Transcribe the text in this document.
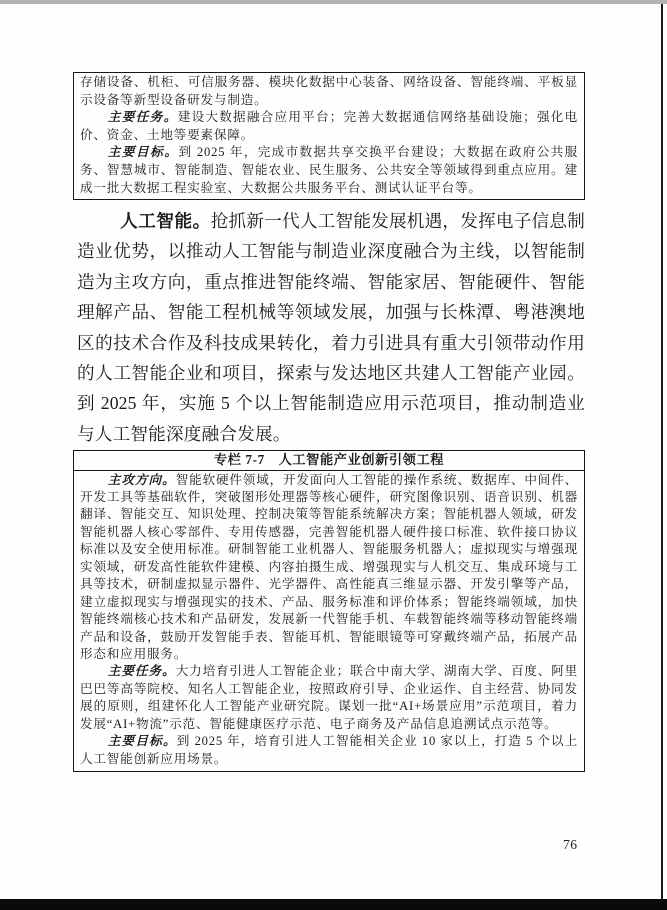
存储设备、机柜、可信服务器、模块化数据中心装备、网络设备、智能终端、平板显示设备等新型设备研发与制造。

主要任务。建设大数据融合应用平台；完善大数据通信网络基础设施；强化电价、资金、土地等要素保障。

主要目标。到 2025 年，完成市数据共享交换平台建设；大数据在政府公共服务、智慧城市、智能制造、智能农业、民生服务、公共安全等领域得到重点应用。建成一批大数据工程实验室、大数据公共服务平台、测试认证平台等。

人工智能。抢抓新一代人工智能发展机遇，发挥电子信息制造业优势，以推动人工智能与制造业深度融合为主线，以智能制造为主攻方向，重点推进智能终端、智能家居、智能硬件、智能理解产品、智能工程机械等领域发展，加强与长株潭、粤港澳地区的技术合作及科技成果转化，着力引进具有重大引领带动作用的人工智能企业和项目，探索与发达地区共建人工智能产业园。到 2025 年，实施 5 个以上智能制造应用示范项目，推动制造业与人工智能深度融合发展。

专栏 7-7　人工智能产业创新引领工程

主攻方向。智能软硬件领域，开发面向人工智能的操作系统、数据库、中间件、开发工具等基础软件，突破图形处理器等核心硬件，研究图像识别、语音识别、机器翻译、智能交互、知识处理、控制决策等智能系统解决方案；智能机器人领域，研发智能机器人核心零部件、专用传感器，完善智能机器人硬件接口标准、软件接口协议标准以及安全使用标准。研制智能工业机器人、智能服务机器人；虚拟现实与增强现实领域，研发高性能软件建模、内容拍摄生成、增强现实与人机交互、集成环境与工具等技术，研制虚拟显示器件、光学器件、高性能真三维显示器、开发引擎等产品，建立虚拟现实与增强现实的技术、产品、服务标准和评价体系；智能终端领域，加快智能终端核心技术和产品研发，发展新一代智能手机、车载智能终端等移动智能终端产品和设备，鼓励开发智能手表、智能耳机、智能眼镜等可穿戴终端产品，拓展产品形态和应用服务。

主要任务。大力培育引进人工智能企业；联合中南大学、湖南大学、百度、阿里巴巴等高等院校、知名人工智能企业，按照政府引导、企业运作、自主经营、协同发展的原则，组建怀化人工智能产业研究院。谋划一批“AI+场景应用”示范项目，着力发展“AI+物流”示范、智能健康医疗示范、电子商务及产品信息追溯试点示范等。

主要目标。到 2025 年，培育引进人工智能相关企业 10 家以上，打造 5 个以上人工智能创新应用场景。

76
